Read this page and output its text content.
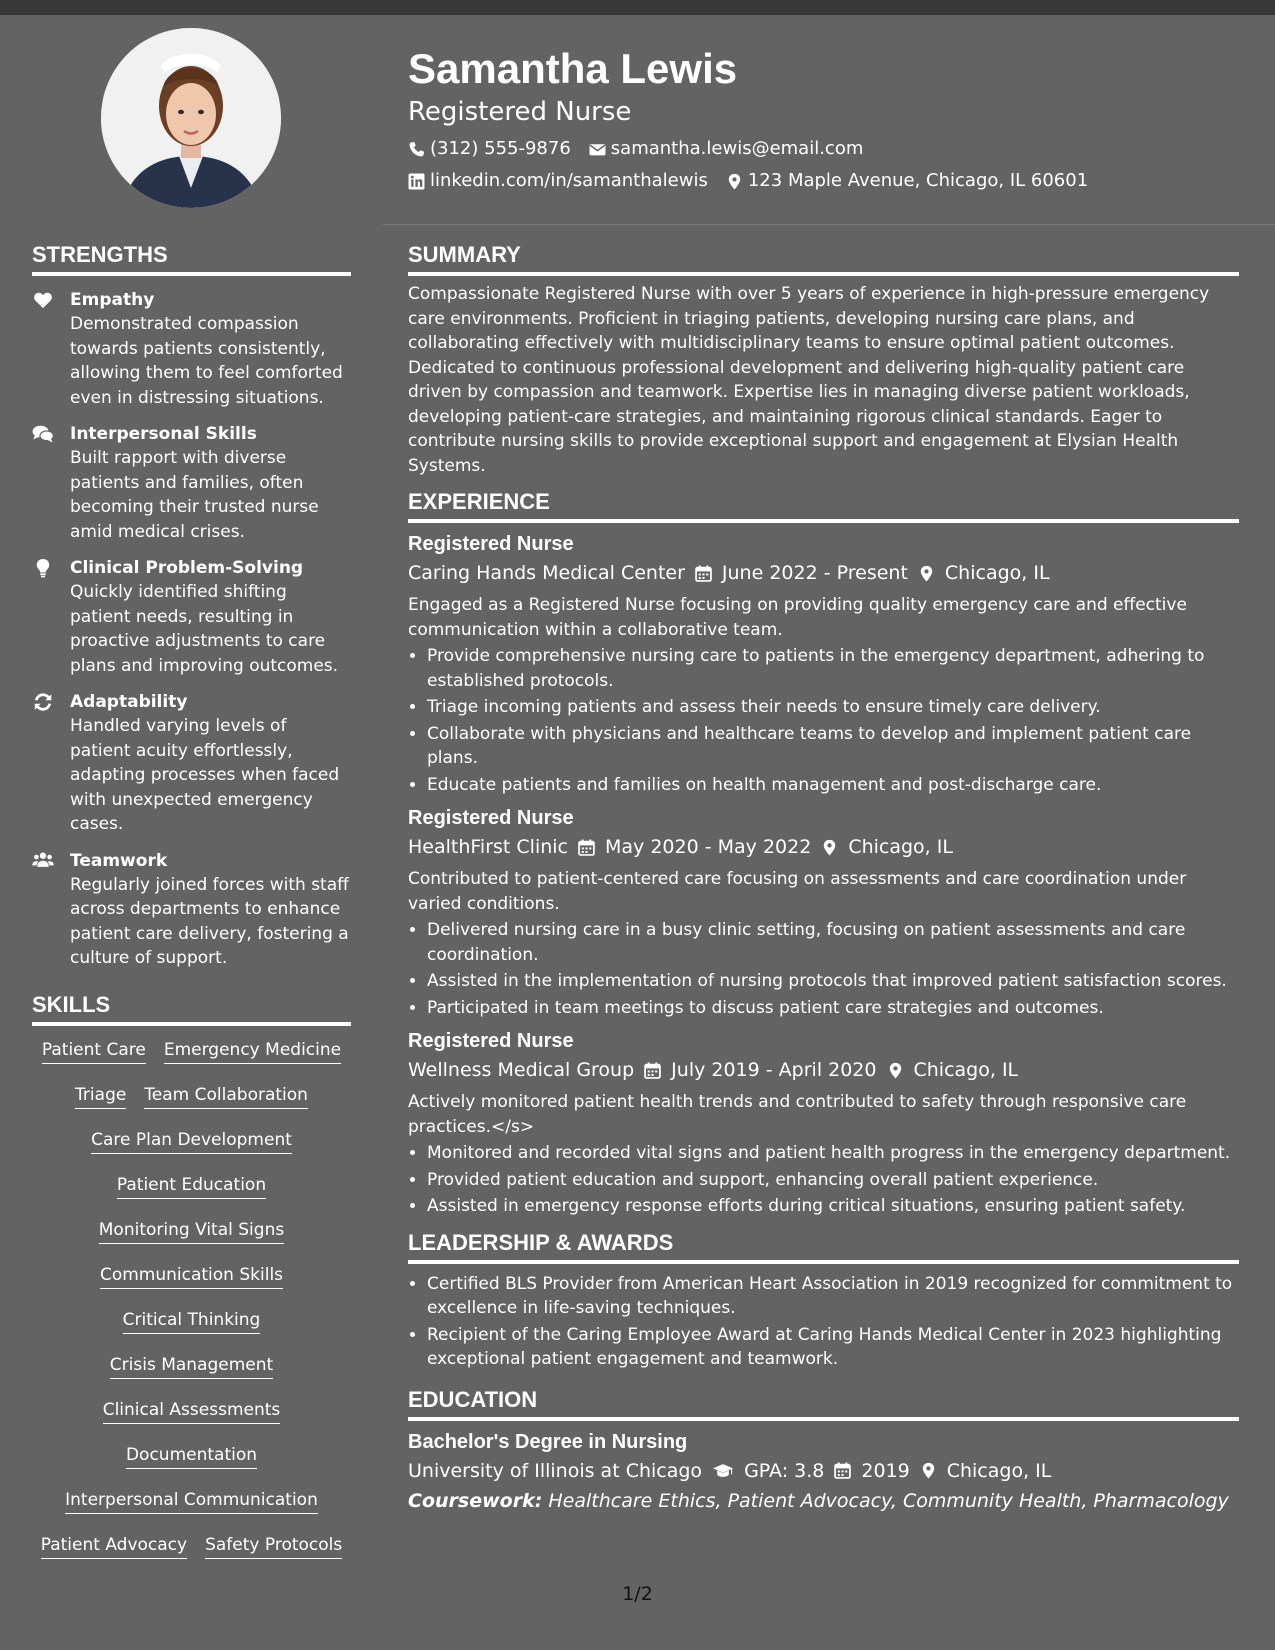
Samantha Lewis
Registered Nurse
(312) 555-9876 samantha.lewis@email.com
linkedin.com/in/samanthalewis 123 Maple Avenue, Chicago, IL 60601
STRENGTHS
Empathy
Demonstrated compassion towards patients consistently, allowing them to feel comforted even in distressing situations.
Interpersonal Skills
Built rapport with diverse patients and families, often becoming their trusted nurse amid medical crises.
Clinical Problem-Solving
Quickly identified shifting patient needs, resulting in proactive adjustments to care plans and improving outcomes.
Adaptability
Handled varying levels of patient acuity effortlessly, adapting processes when faced with unexpected emergency cases.
Teamwork
Regularly joined forces with staff across departments to enhance patient care delivery, fostering a culture of support.
SKILLS
Patient Care Emergency Medicine
Triage Team Collaboration
Care Plan Development
Patient Education
Monitoring Vital Signs
Communication Skills
Critical Thinking
Crisis Management
Clinical Assessments
Documentation
Interpersonal Communication
Patient Advocacy Safety Protocols
SUMMARY

Compassionate Registered Nurse with over 5 years of experience in high-pressure emergency care environments. Proficient in triaging patients, developing nursing care plans, and collaborating effectively with multidisciplinary teams to ensure optimal patient outcomes. Dedicated to continuous professional development and delivering high-quality patient care driven by compassion and teamwork. Expertise lies in managing diverse patient workloads, developing patient-care strategies, and maintaining rigorous clinical standards. Eager to contribute nursing skills to provide exceptional support and engagement at Elysian Health Systems.

EXPERIENCE
Registered Nurse
Caring Hands Medical Center June 2022 - Present Chicago, IL

Engaged as a Registered Nurse focusing on providing quality emergency care and effective communication within a collaborative team.

• Provide comprehensive nursing care to patients in the emergency department, adhering to established protocols.
• Triage incoming patients and assess their needs to ensure timely care delivery.
• Collaborate with physicians and healthcare teams to develop and implement patient care plans.
• Educate patients and families on health management and post-discharge care.
Registered Nurse
HealthFirst Clinic May 2020 - May 2022 Chicago, IL

Contributed to patient-centered care focusing on assessments and care coordination under varied conditions.

• Delivered nursing care in a busy clinic setting, focusing on patient assessments and care coordination.
• Assisted in the implementation of nursing protocols that improved patient satisfaction scores.
• Participated in team meetings to discuss patient care strategies and outcomes.
Registered Nurse
Wellness Medical Group July 2019 - April 2020 Chicago, IL

Actively monitored patient health trends and contributed to safety through responsive care practices.</s>

• Monitored and recorded vital signs and patient health progress in the emergency department.
• Provided patient education and support, enhancing overall patient experience.
• Assisted in emergency response efforts during critical situations, ensuring patient safety.
LEADERSHIP & AWARDS
• Certified BLS Provider from American Heart Association in 2019 recognized for commitment to excellence in life-saving techniques.
• Recipient of the Caring Employee Award at Caring Hands Medical Center in 2023 highlighting exceptional patient engagement and teamwork.
EDUCATION
Bachelor's Degree in Nursing
University of Illinois at Chicago GPA: 3.8 2019 Chicago, IL
Coursework: Healthcare Ethics, Patient Advocacy, Community Health, Pharmacology
1/2
